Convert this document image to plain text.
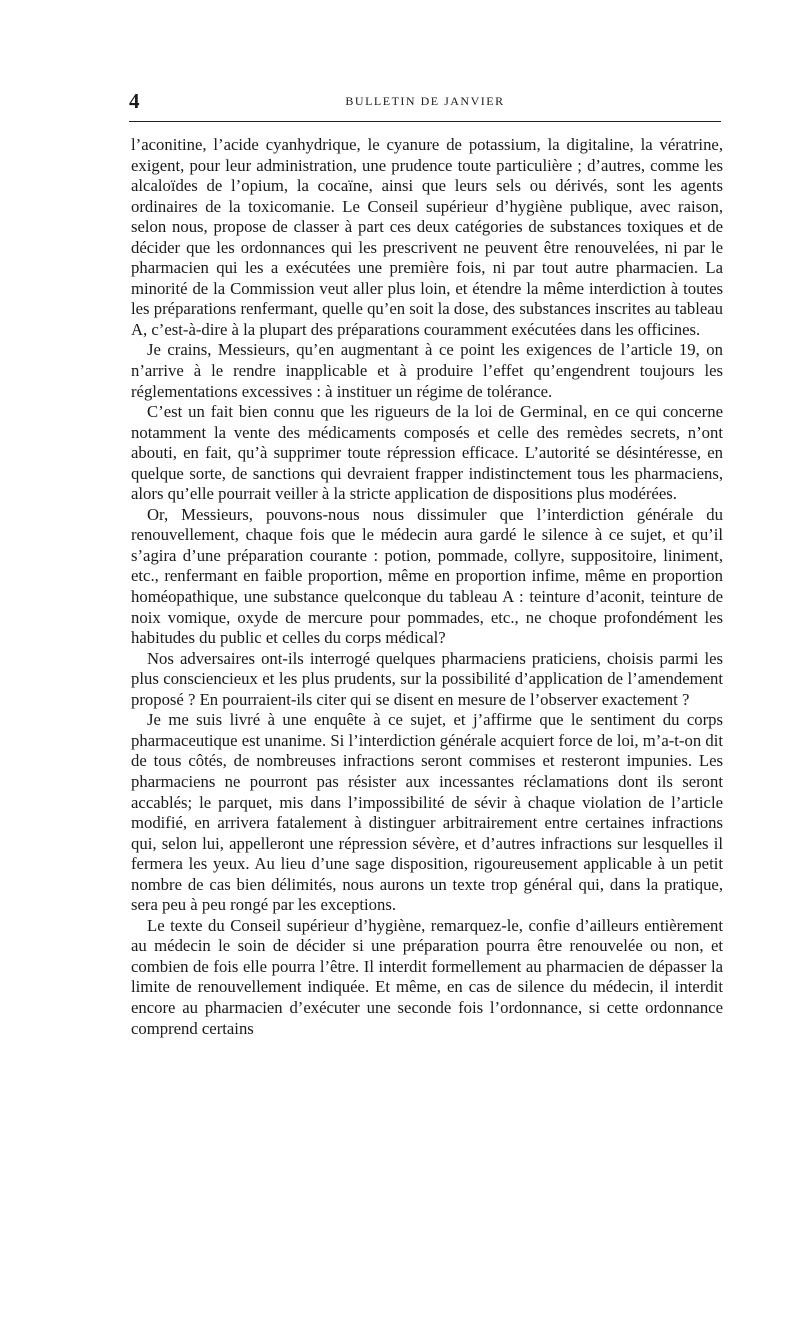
4	BULLETIN DE JANVIER

l’aconitine, l’acide cyanhydrique, le cyanure de potassium, la digitaline, la vératrine, exigent, pour leur administration, une prudence toute particulière ; d’autres, comme les alcaloïdes de l’opium, la cocaïne, ainsi que leurs sels ou dérivés, sont les agents ordinaires de la toxicomanie. Le Conseil supérieur d’hygiène publique, avec raison, selon nous, propose de classer à part ces deux catégories de substances toxiques et de décider que les ordonnances qui les prescrivent ne peuvent être renouvelées, ni par le pharmacien qui les a exécutées une première fois, ni par tout autre pharmacien. La minorité de la Commission veut aller plus loin, et étendre la même interdiction à toutes les préparations renfermant, quelle qu’en soit la dose, des substances inscrites au tableau A, c’est-à-dire à la plupart des préparations couramment exécutées dans les officines.

Je crains, Messieurs, qu’en augmentant à ce point les exigences de l’article 19, on n’arrive à le rendre inapplicable et à produire l’effet qu’engendrent toujours les réglementations excessives : à instituer un régime de tolérance.

C’est un fait bien connu que les rigueurs de la loi de Germinal, en ce qui concerne notamment la vente des médicaments composés et celle des remèdes secrets, n’ont abouti, en fait, qu’à supprimer toute répression efficace. L’autorité se désintéresse, en quelque sorte, de sanctions qui devraient frapper indistinctement tous les pharmaciens, alors qu’elle pourrait veiller à la stricte application de dispositions plus modérées.

Or, Messieurs, pouvons-nous nous dissimuler que l’interdiction générale du renouvellement, chaque fois que le médecin aura gardé le silence à ce sujet, et qu’il s’agira d’une préparation courante : potion, pommade, collyre, suppositoire, liniment, etc., renfermant en faible proportion, même en proportion infime, même en proportion homéopathique, une substance quelconque du tableau A : teinture d’aconit, teinture de noix vomique, oxyde de mercure pour pommades, etc., ne choque profondément les habitudes du public et celles du corps médical?

Nos adversaires ont-ils interrogé quelques pharmaciens praticiens, choisis parmi les plus consciencieux et les plus prudents, sur la possibilité d’application de l’amendement proposé ? En pourraient-ils citer qui se disent en mesure de l’observer exactement ?

Je me suis livré à une enquête à ce sujet, et j’affirme que le sentiment du corps pharmaceutique est unanime. Si l’interdiction générale acquiert force de loi, m’a-t-on dit de tous côtés, de nombreuses infractions seront commises et resteront impunies. Les pharmaciens ne pourront pas résister aux incessantes réclamations dont ils seront accablés; le parquet, mis dans l’impossibilité de sévir à chaque violation de l’article modifié, en arrivera fatalement à distinguer arbitrairement entre certaines infractions qui, selon lui, appelleront une répression sévère, et d’autres infractions sur lesquelles il fermera les yeux. Au lieu d’une sage disposition, rigoureusement applicable à un petit nombre de cas bien délimités, nous aurons un texte trop général qui, dans la pratique, sera peu à peu rongé par les exceptions.

Le texte du Conseil supérieur d’hygiène, remarquez-le, confie d’ailleurs entièrement au médecin le soin de décider si une préparation pourra être renouvelée ou non, et combien de fois elle pourra l’être. Il interdit formellement au pharmacien de dépasser la limite de renouvellement indiquée. Et même, en cas de silence du médecin, il interdit encore au pharmacien d’exécuter une seconde fois l’ordonnance, si cette ordonnance comprend certains
